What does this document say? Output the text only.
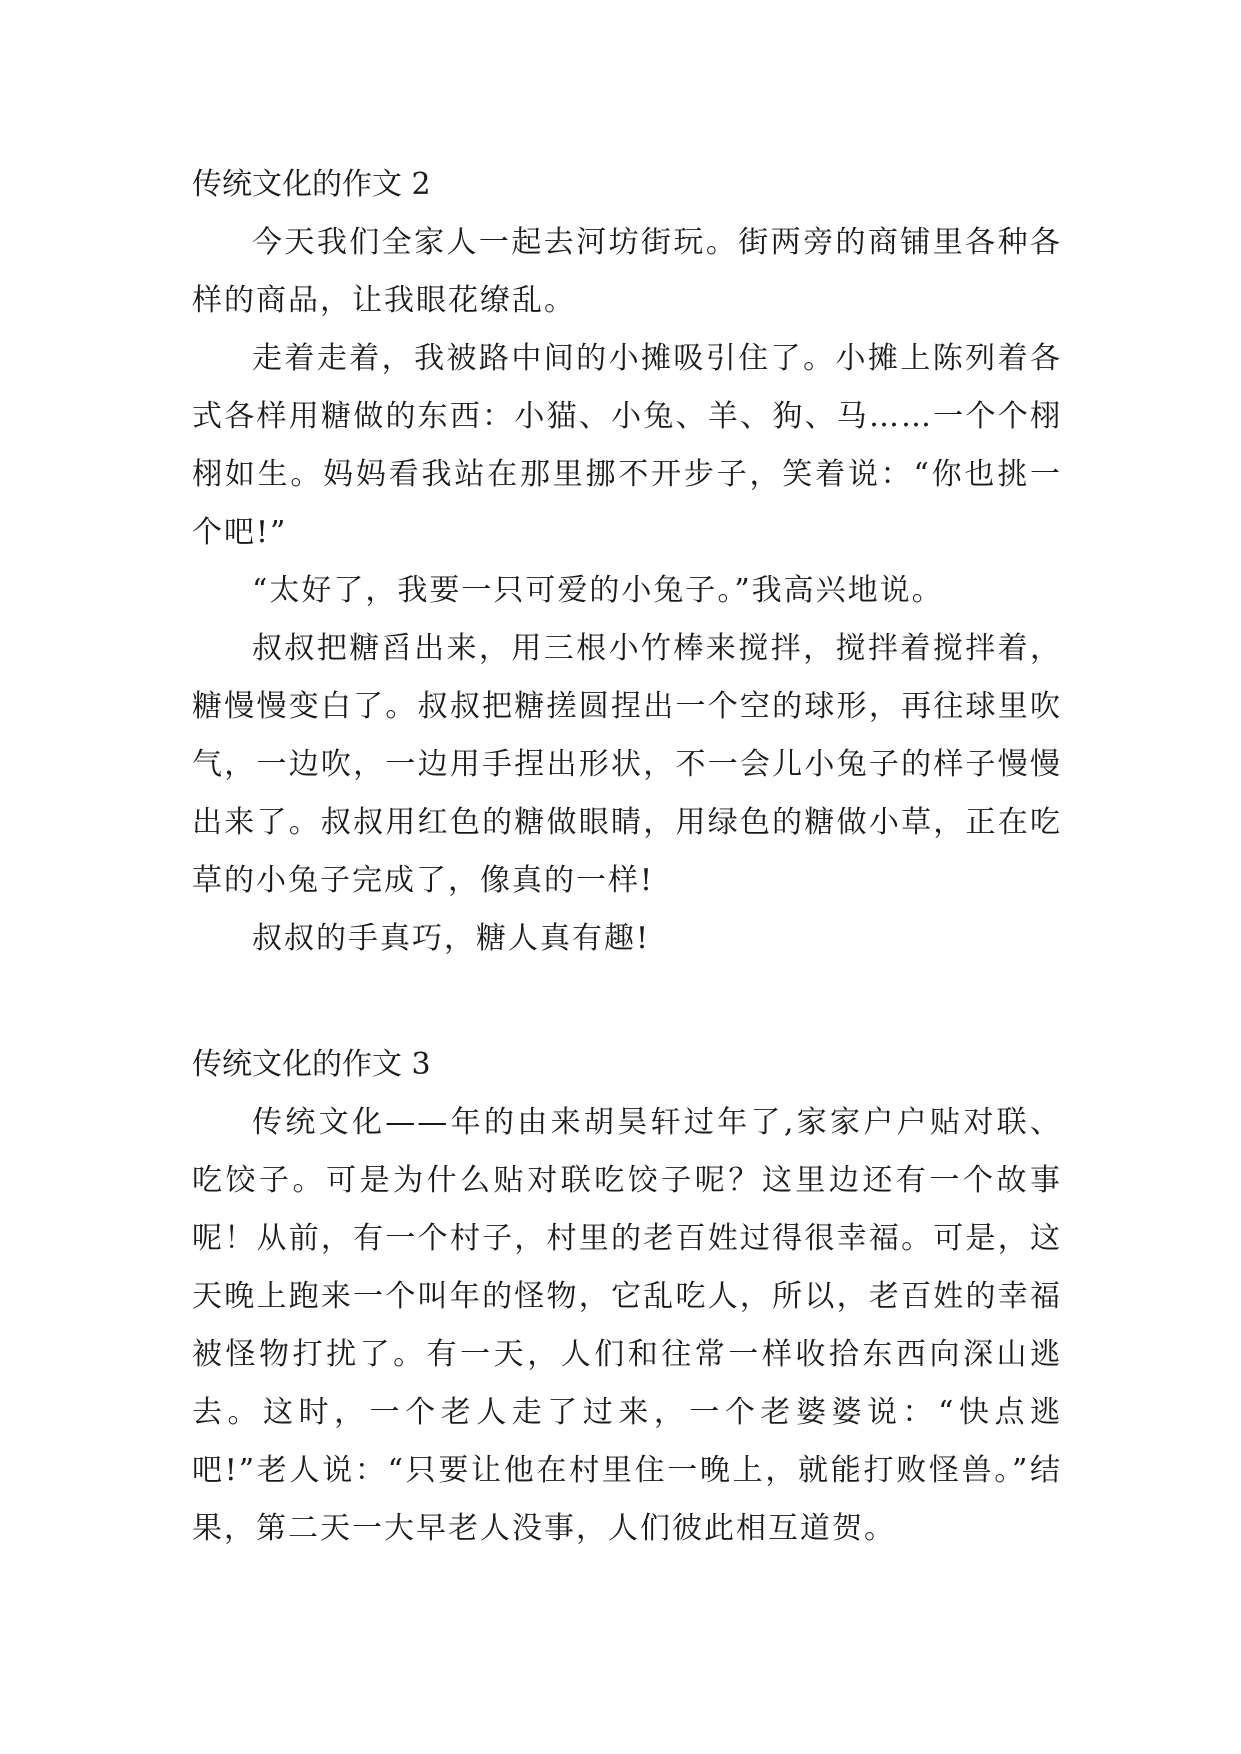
传统文化的作文 2

今天我们全家人一起去河坊街玩。街两旁的商铺里各种各样的商品，让我眼花缭乱。

走着走着，我被路中间的小摊吸引住了。小摊上陈列着各式各样用糖做的东西：小猫、小兔、羊、狗、马……一个个栩栩如生。妈妈看我站在那里挪不开步子，笑着说：“你也挑一个吧!”

“太好了，我要一只可爱的小兔子。”我高兴地说。

叔叔把糖舀出来，用三根小竹棒来搅拌，搅拌着搅拌着，糖慢慢变白了。叔叔把糖搓圆捏出一个空的球形，再往球里吹气，一边吹，一边用手捏出形状，不一会儿小兔子的样子慢慢出来了。叔叔用红色的糖做眼睛，用绿色的糖做小草，正在吃草的小兔子完成了，像真的一样!

叔叔的手真巧，糖人真有趣!

传统文化的作文 3

传统文化——年的由来胡昊轩过年了,家家户户贴对联、吃饺子。可是为什么贴对联吃饺子呢？这里边还有一个故事呢！从前，有一个村子，村里的老百姓过得很幸福。可是，这天晚上跑来一个叫年的怪物，它乱吃人，所以，老百姓的幸福被怪物打扰了。有一天，人们和往常一样收拾东西向深山逃去。这时，一个老人走了过来，一个老婆婆说：“快点逃吧!”老人说：“只要让他在村里住一晚上，就能打败怪兽。”结果，第二天一大早老人没事，人们彼此相互道贺。
